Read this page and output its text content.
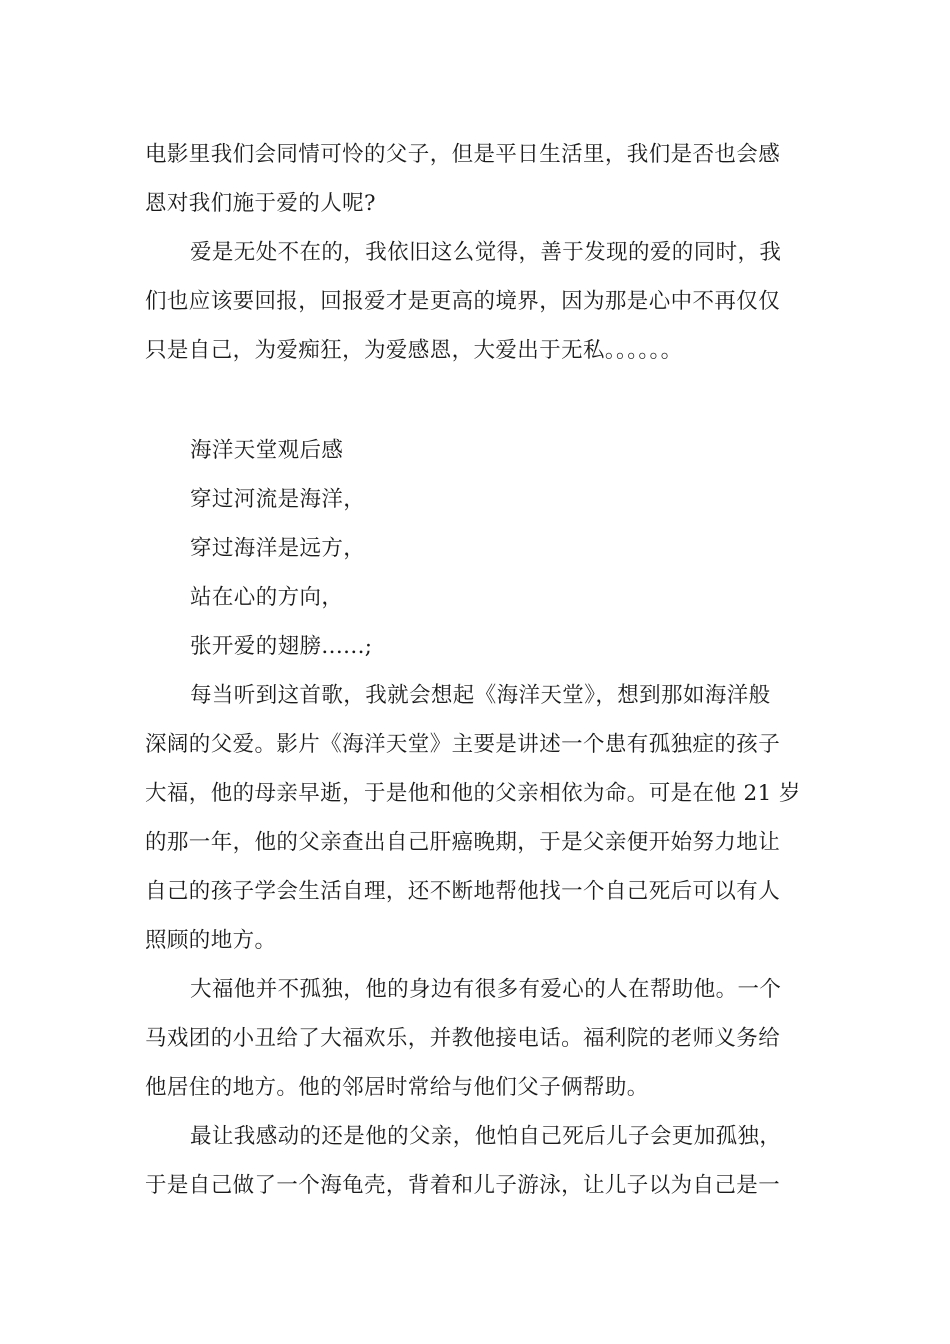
电影里我们会同情可怜的父子，但是平日生活里，我们是否也会感
恩对我们施于爱的人呢?
爱是无处不在的，我依旧这么觉得，善于发现的爱的同时，我
们也应该要回报，回报爱才是更高的境界，因为那是心中不再仅仅
只是自己，为爱痴狂，为爱感恩，大爱出于无私。。。。。。
海洋天堂观后感
穿过河流是海洋，
穿过海洋是远方，
站在心的方向，
张开爱的翅膀......;
每当听到这首歌，我就会想起《海洋天堂》，想到那如海洋般
深阔的父爱。影片《海洋天堂》主要是讲述一个患有孤独症的孩子
大福，他的母亲早逝，于是他和他的父亲相依为命。可是在他 21 岁
的那一年，他的父亲查出自己肝癌晚期，于是父亲便开始努力地让
自己的孩子学会生活自理，还不断地帮他找一个自己死后可以有人
照顾的地方。
大福他并不孤独，他的身边有很多有爱心的人在帮助他。一个
马戏团的小丑给了大福欢乐，并教他接电话。福利院的老师义务给
他居住的地方。他的邻居时常给与他们父子俩帮助。
最让我感动的还是他的父亲，他怕自己死后儿子会更加孤独，
于是自己做了一个海龟壳，背着和儿子游泳，让儿子以为自己是一
